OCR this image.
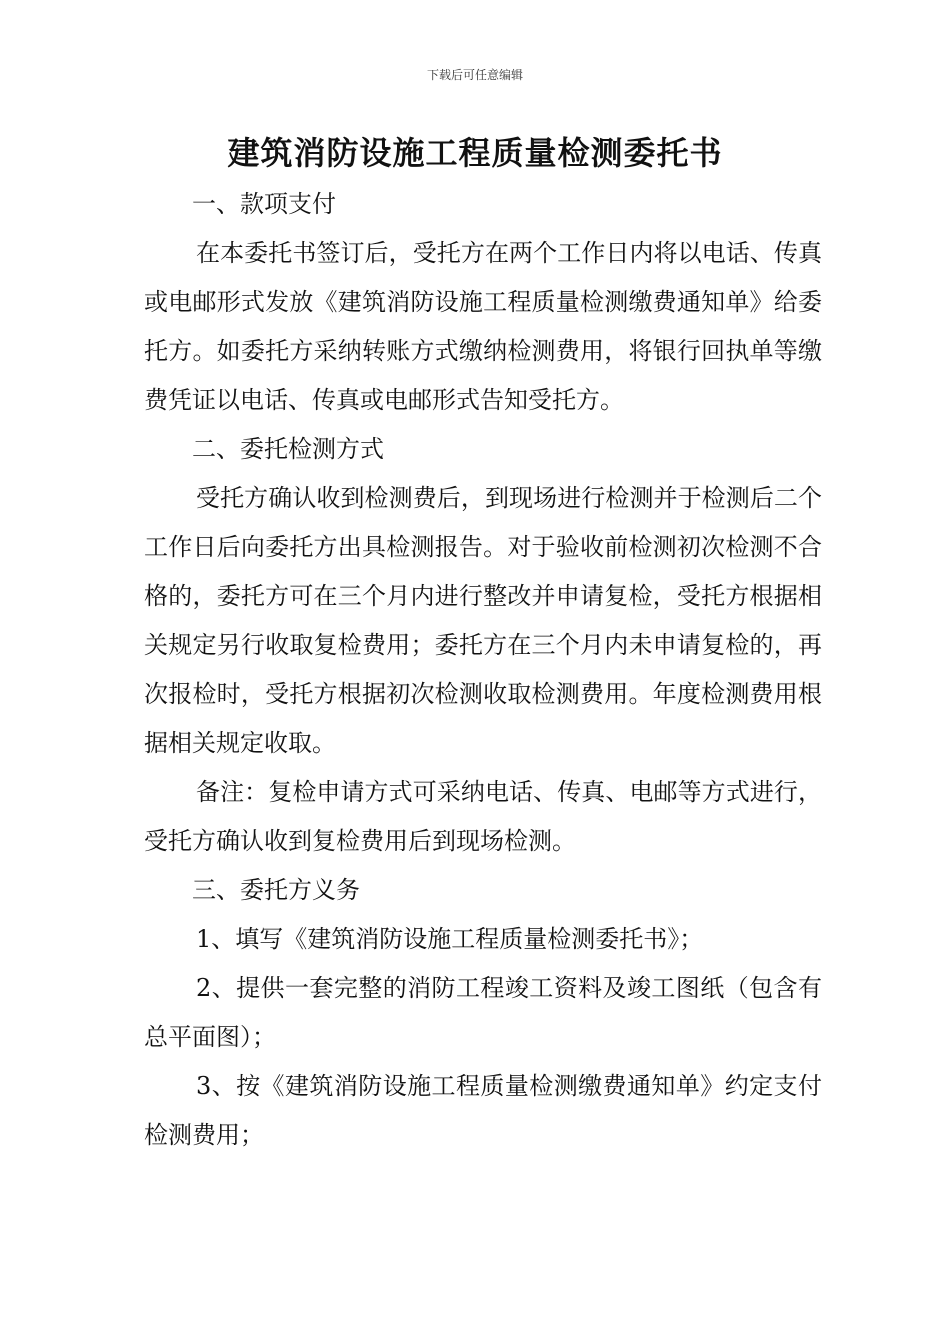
下载后可任意编辑
建筑消防设施工程质量检测委托书

一、款项支付

在本委托书签订后，受托方在两个工作日内将以电话、传真或电邮形式发放《建筑消防设施工程质量检测缴费通知单》给委托方。如委托方采纳转账方式缴纳检测费用，将银行回执单等缴费凭证以电话、传真或电邮形式告知受托方。

二、委托检测方式

受托方确认收到检测费后，到现场进行检测并于检测后二个工作日后向委托方出具检测报告。对于验收前检测初次检测不合格的，委托方可在三个月内进行整改并申请复检，受托方根据相关规定另行收取复检费用；委托方在三个月内未申请复检的，再次报检时，受托方根据初次检测收取检测费用。年度检测费用根据相关规定收取。

备注：复检申请方式可采纳电话、传真、电邮等方式进行，受托方确认收到复检费用后到现场检测。

三、委托方义务

1、填写《建筑消防设施工程质量检测委托书》；

2、提供一套完整的消防工程竣工资料及竣工图纸（包含有总平面图）；

3、按《建筑消防设施工程质量检测缴费通知单》约定支付检测费用；
